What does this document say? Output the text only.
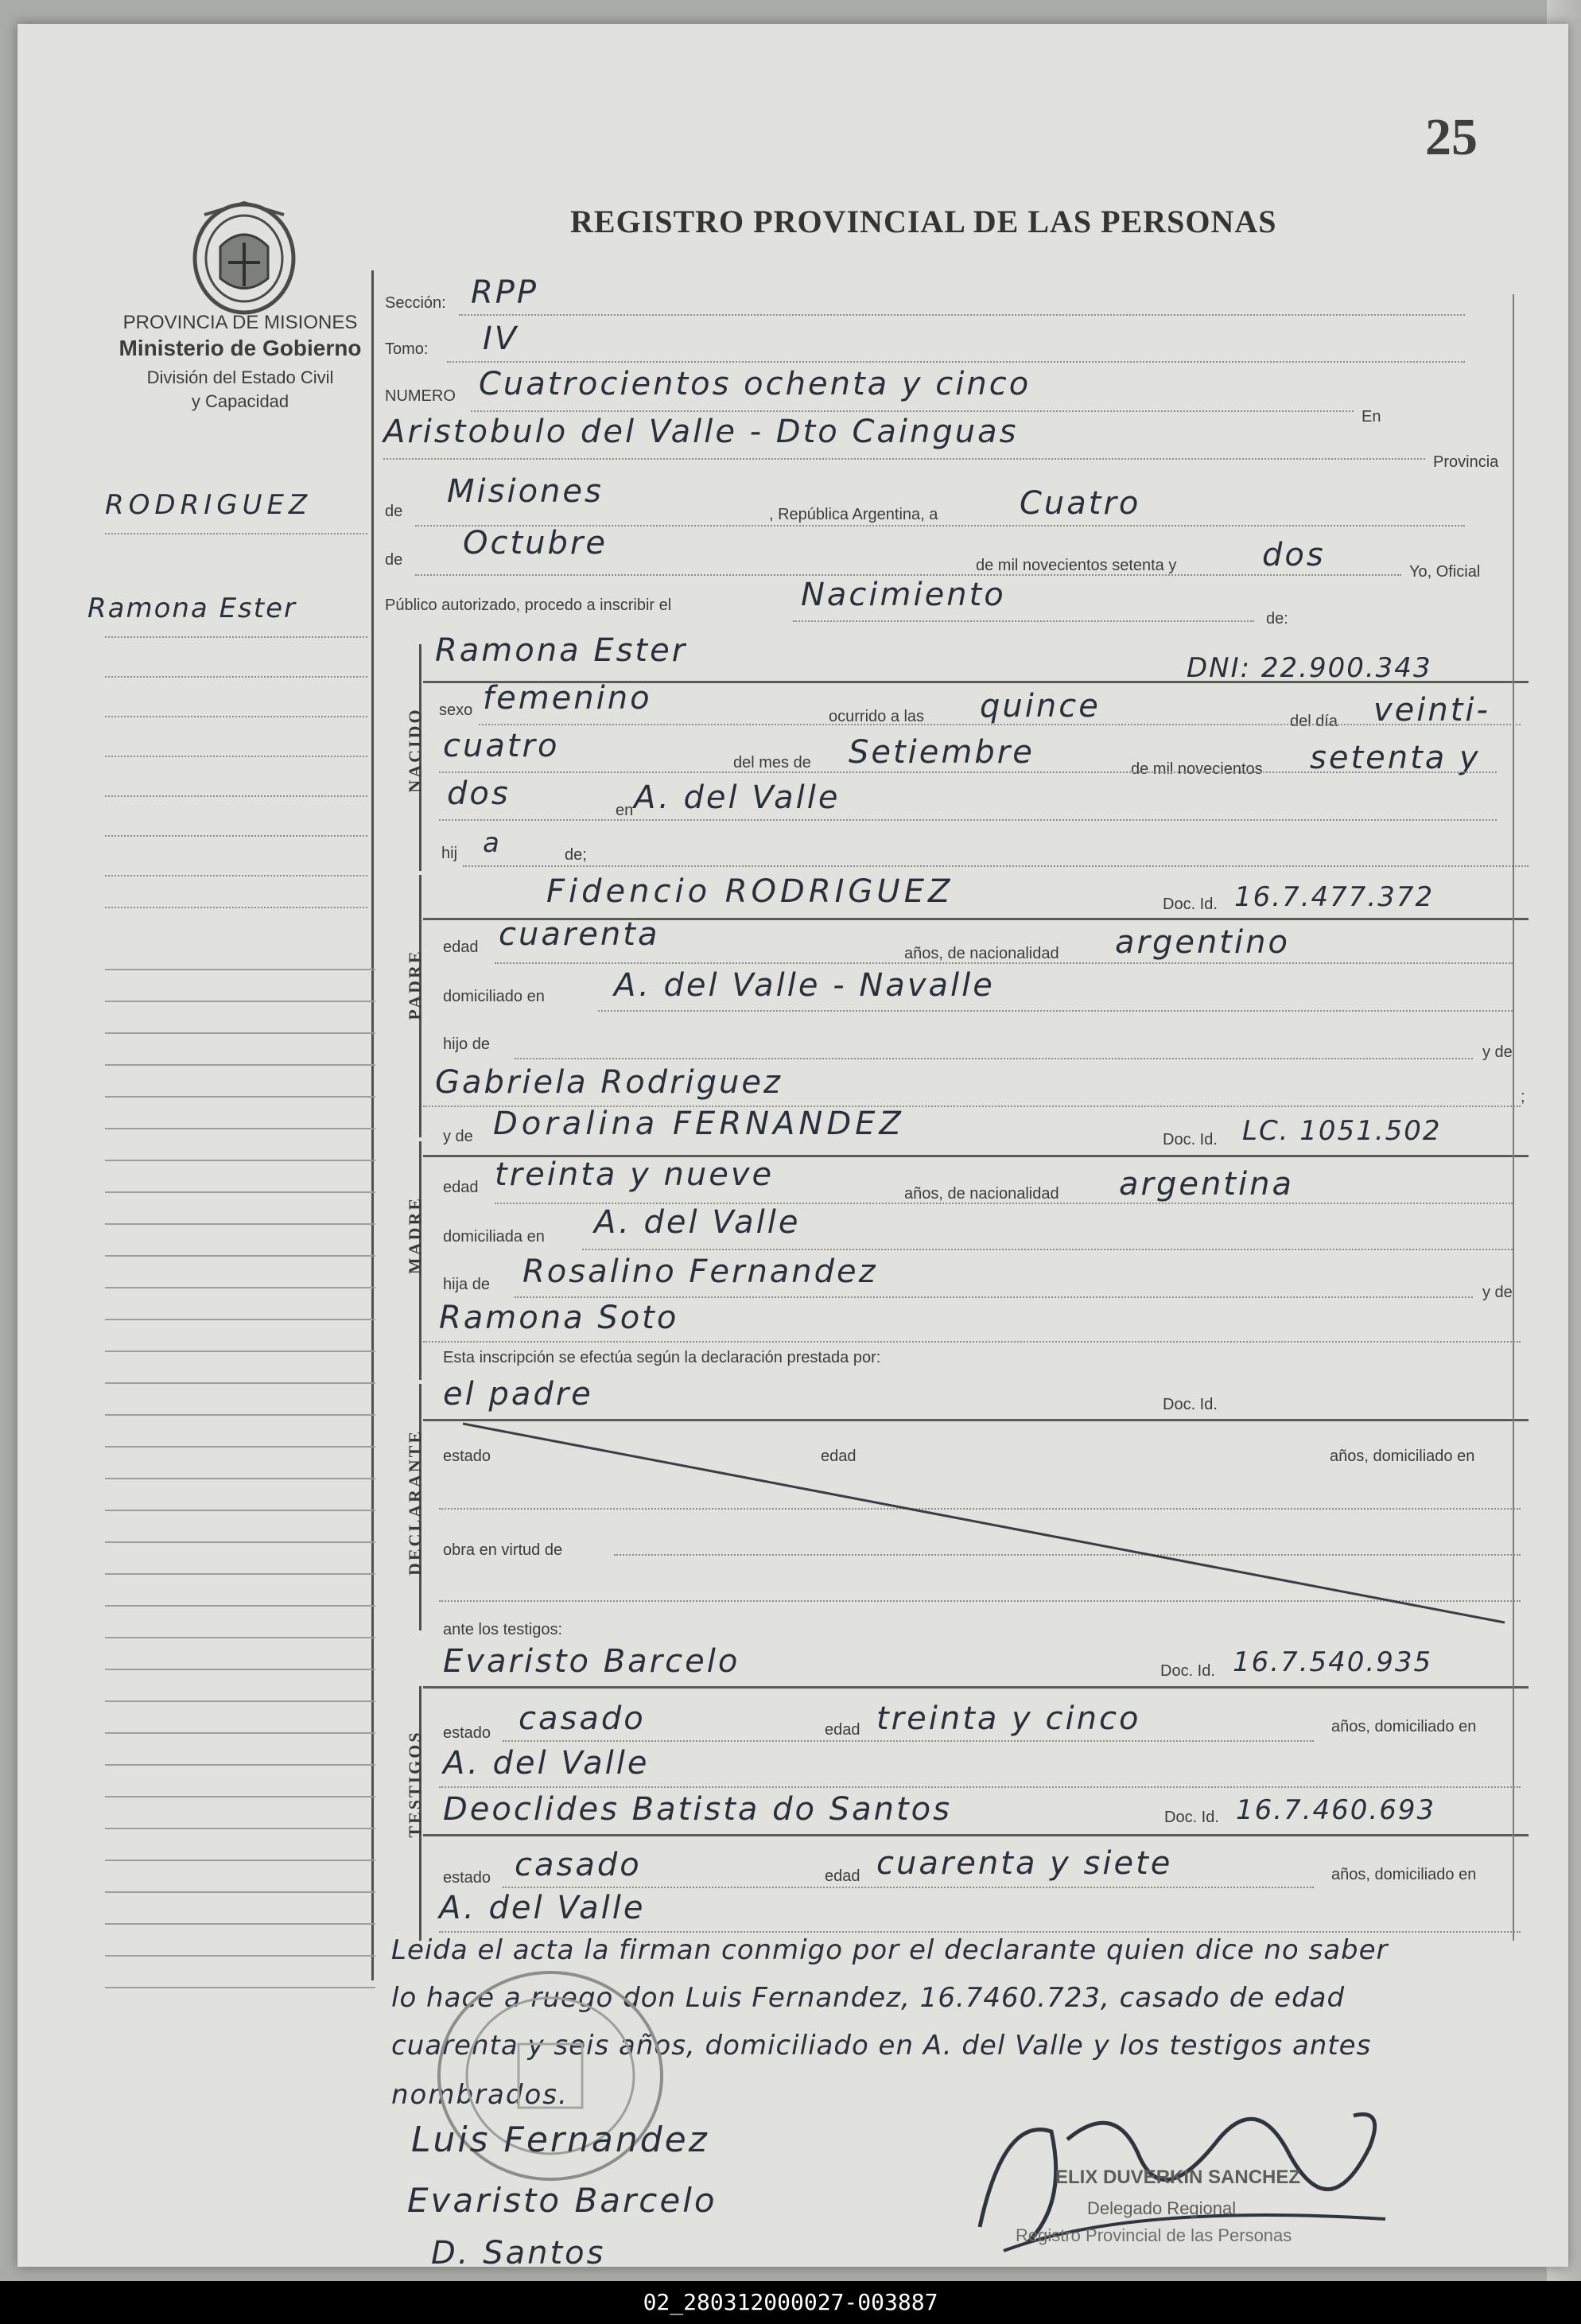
25
REGISTRO PROVINCIAL DE LAS PERSONAS
PROVINCIA DE MISIONES
Ministerio de Gobierno
División del Estado Civil
y Capacidad
RODRIGUEZ
Ramona Ester
Sección: RPP
Tomo: IV
NUMERO Cuatrocientos ochenta y cinco
En
Aristobulo del Valle - Dto Cainguas
Provincia
de
Misiones
, República Argentina, a	Cuatro
de Octubre
de mil novecientos setenta y	dos	Yo, Oficial
Público autorizado, procedo a inscribir el	Nacimiento
de:
NACIDO
Ramona Ester	DNI: 22.900.343
sexo femenino	ocurrido a las quince	del día veinti-
cuatro	del mes de Setiembre	de mil novecientos setenta y
dos	en A. del Valle
hij a	de;
PADRE
Fidencio RODRIGUEZ	Doc. Id. 16.7.477.372
edad cuarenta
años, de nacionalidad argentino
domiciliado en A. del Valle - Navalle
hijo de	y de
Gabriela Rodriguez	;
MADRE
y de Doralina FERNANDEZ	Doc. Id. LC. 1051.502
edad treinta y nueve
años, de nacionalidad argentina
domiciliada en A. del Valle
hija de Rosalino Fernandez
y de
Ramona Soto
DECLARANTE
Esta inscripción se efectúa según la declaración prestada por:
el padre	Doc. Id.
estado	edad	años, domiciliado en
obra en virtud de
TESTIGOS
ante los testigos:
Evaristo Barcelo	Doc. Id. 16.7.540.935
estado casado	edad treinta y cinco	años, domiciliado en
A. del Valle
Deoclides Batista do Santos	Doc. Id. 16.7.460.693
estado casado	edad cuarenta y siete	años, domiciliado en
A. del Valle
Leida el acta la firman conmigo por el declarante quien dice no saber
lo hace a ruego don Luis Fernandez, 16.7460.723, casado de edad
cuarenta y seis años, domiciliado en A. del Valle y los testigos antes
nombrados.
Luis Fernandez
Evaristo Barcelo
D. Santos
ELIX DUVERKIN SANCHEZ
Delegado Regional
Registro Provincial de las Personas
02_280312000027-003887
